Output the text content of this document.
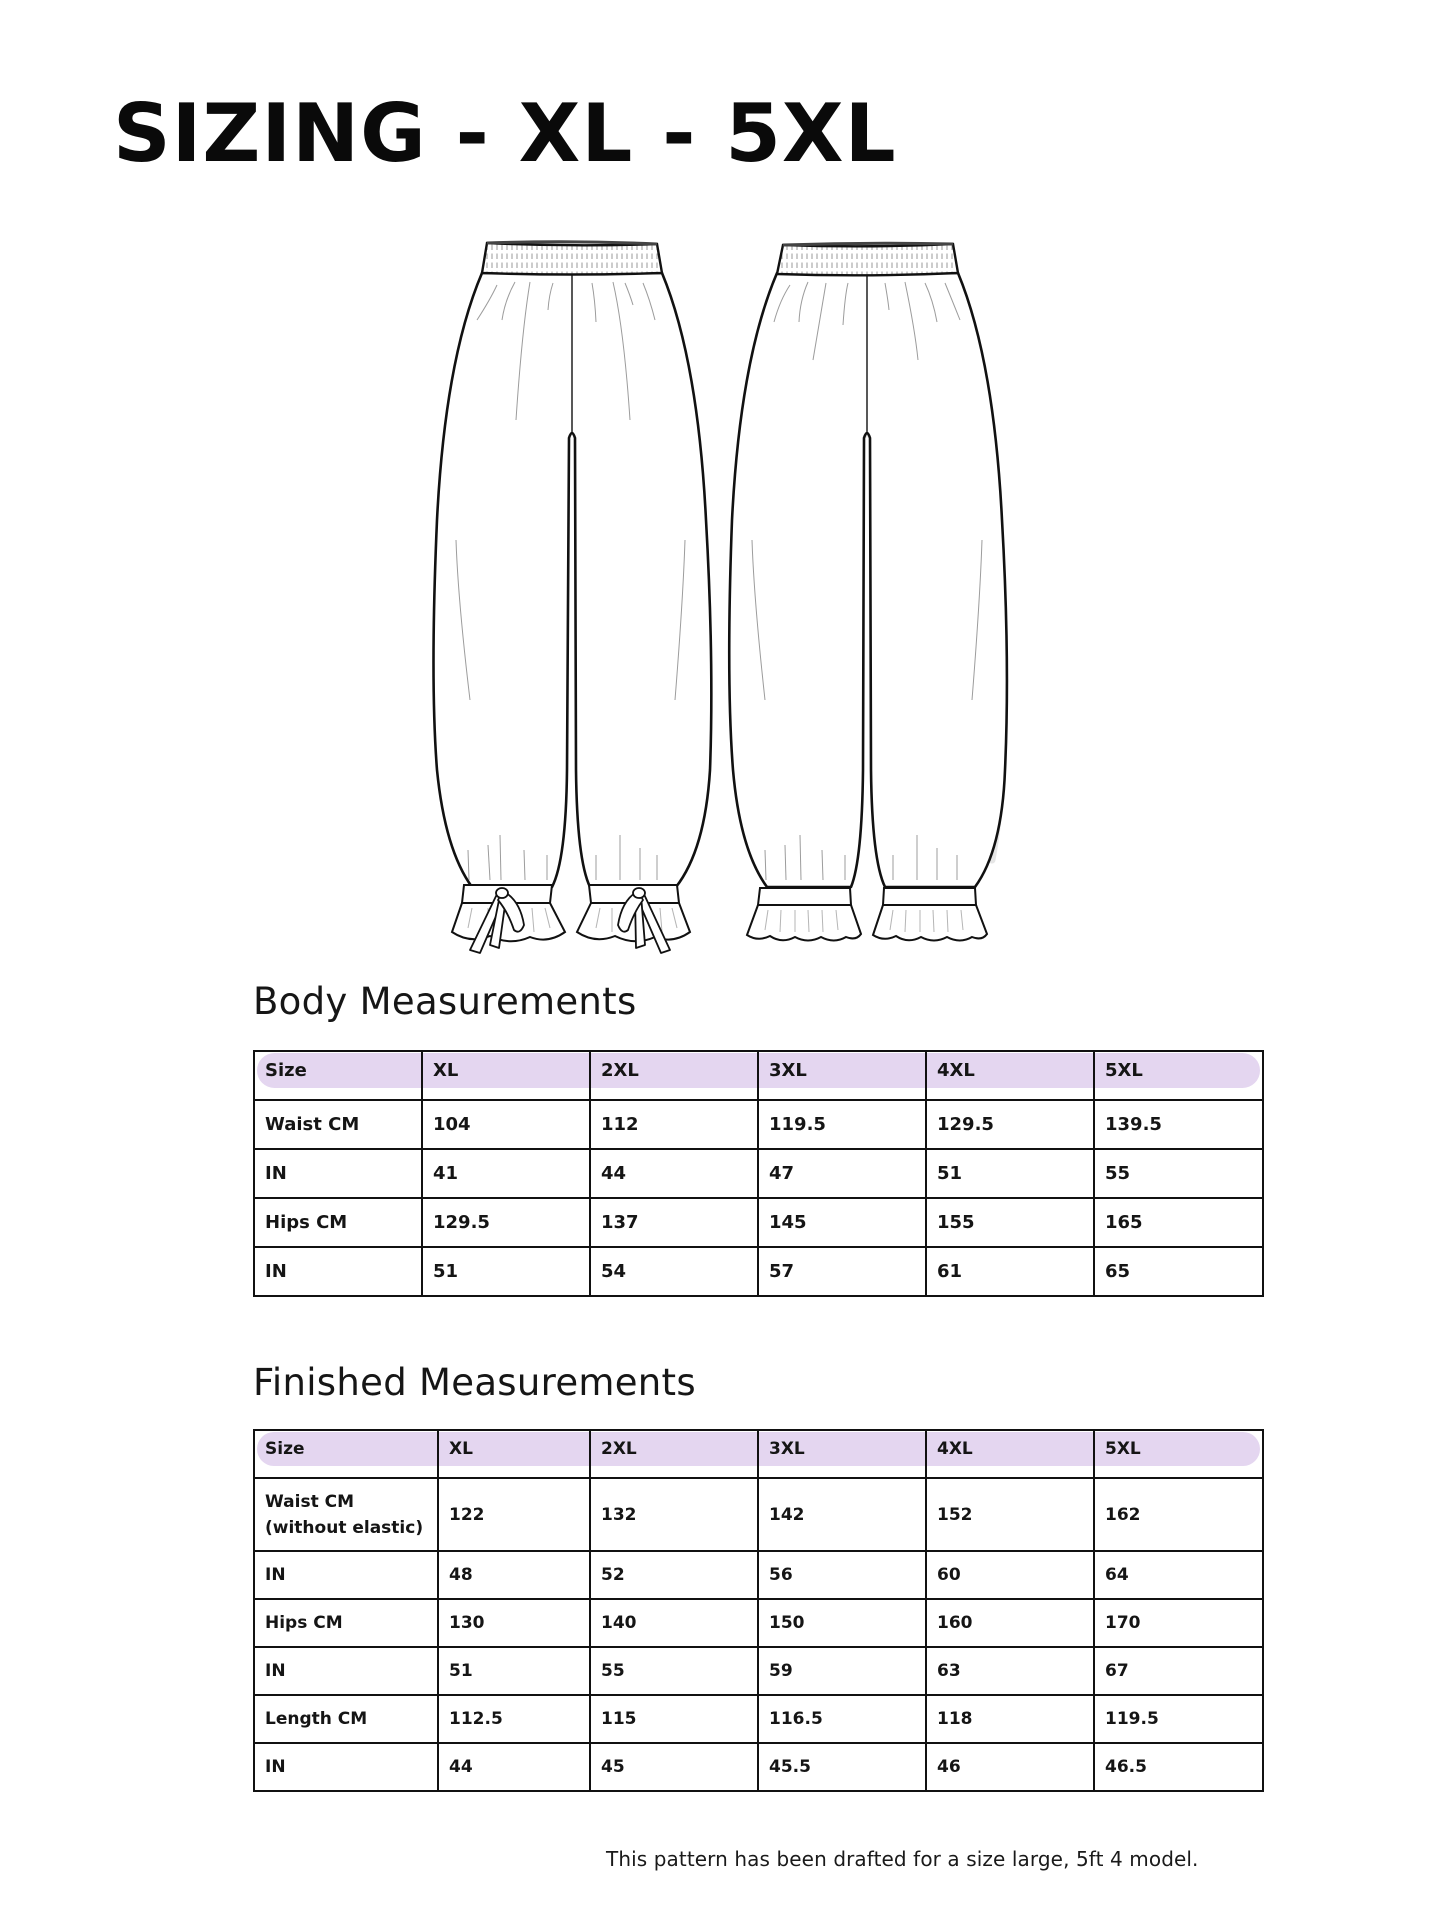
SIZING - XL - 5XL
Body Measurements
Size	XL	2XL	3XL	4XL	5XL

Waist CM	104	112	119.5	129.5	139.5
IN	41	44	47	51	55
Hips CM	129.5	137	145	155	165
IN	51	54	57	61	65
Finished Measurements
Size	XL	2XL	3XL	4XL	5XL

Waist CM
(without elastic)	122	132	142	152	162
IN	48	52	56	60	64
Hips CM	130	140	150	160	170
IN	51	55	59	63	67
Length CM	112.5	115	116.5	118	119.5
IN	44	45	45.5	46	46.5

This pattern has been drafted for a size large, 5ft 4 model.
